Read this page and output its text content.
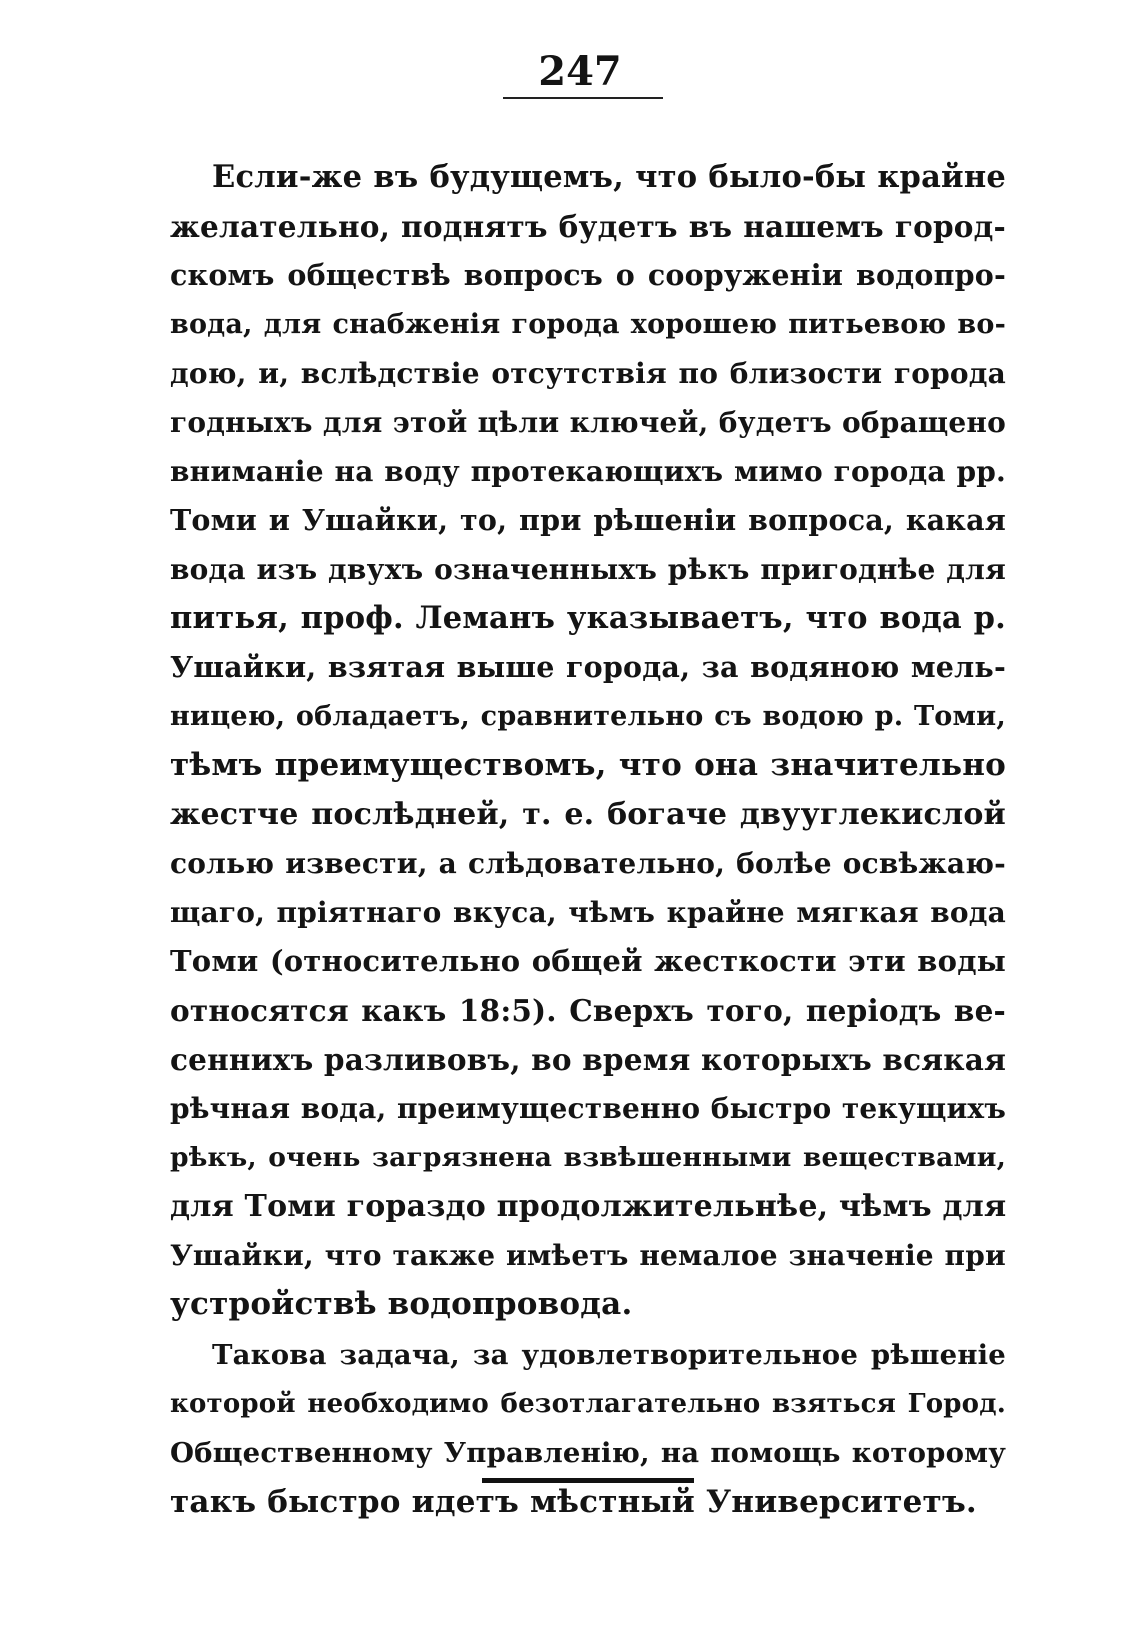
247
Если-же въ будущемъ, что было-бы крайне
желательно, поднятъ будетъ въ нашемъ город-
скомъ обществѣ вопросъ о сооруженіи водопро-
вода, для снабженія города хорошею питьевою во-
дою, и, вслѣдствіе отсутствія по близости города
годныхъ для этой цѣли ключей, будетъ обращено
вниманіе на воду протекающихъ мимо города рр.
Томи и Ушайки, то, при рѣшеніи вопроса, какая
вода изъ двухъ означенныхъ рѣкъ пригоднѣе для
питья, проф. Леманъ указываетъ, что вода р.
Ушайки, взятая выше города, за водяною мель-
ницею, обладаетъ, сравнительно съ водою р. Томи,
тѣмъ преимуществомъ, что она значительно
жестче послѣдней, т. е. богаче двууглекислой
солью извести, а слѣдовательно, болѣе освѣжаю-
щаго, пріятнаго вкуса, чѣмъ крайне мягкая вода
Томи (относительно общей жесткости эти воды
относятся какъ 18:5). Сверхъ того, періодъ ве-
сеннихъ разливовъ, во время которыхъ всякая
рѣчная вода, преимущественно быстро текущихъ
рѣкъ, очень загрязнена взвѣшенными веществами,
для Томи гораздо продолжительнѣе, чѣмъ для
Ушайки, что также имѣетъ немалое значеніе при
устройствѣ водопровода.
Такова задача, за удовлетворительное рѣшеніе
которой необходимо безотлагательно взяться Город.
Общественному Управленію, на помощь которому
такъ быстро идетъ мѣстный Университетъ.
